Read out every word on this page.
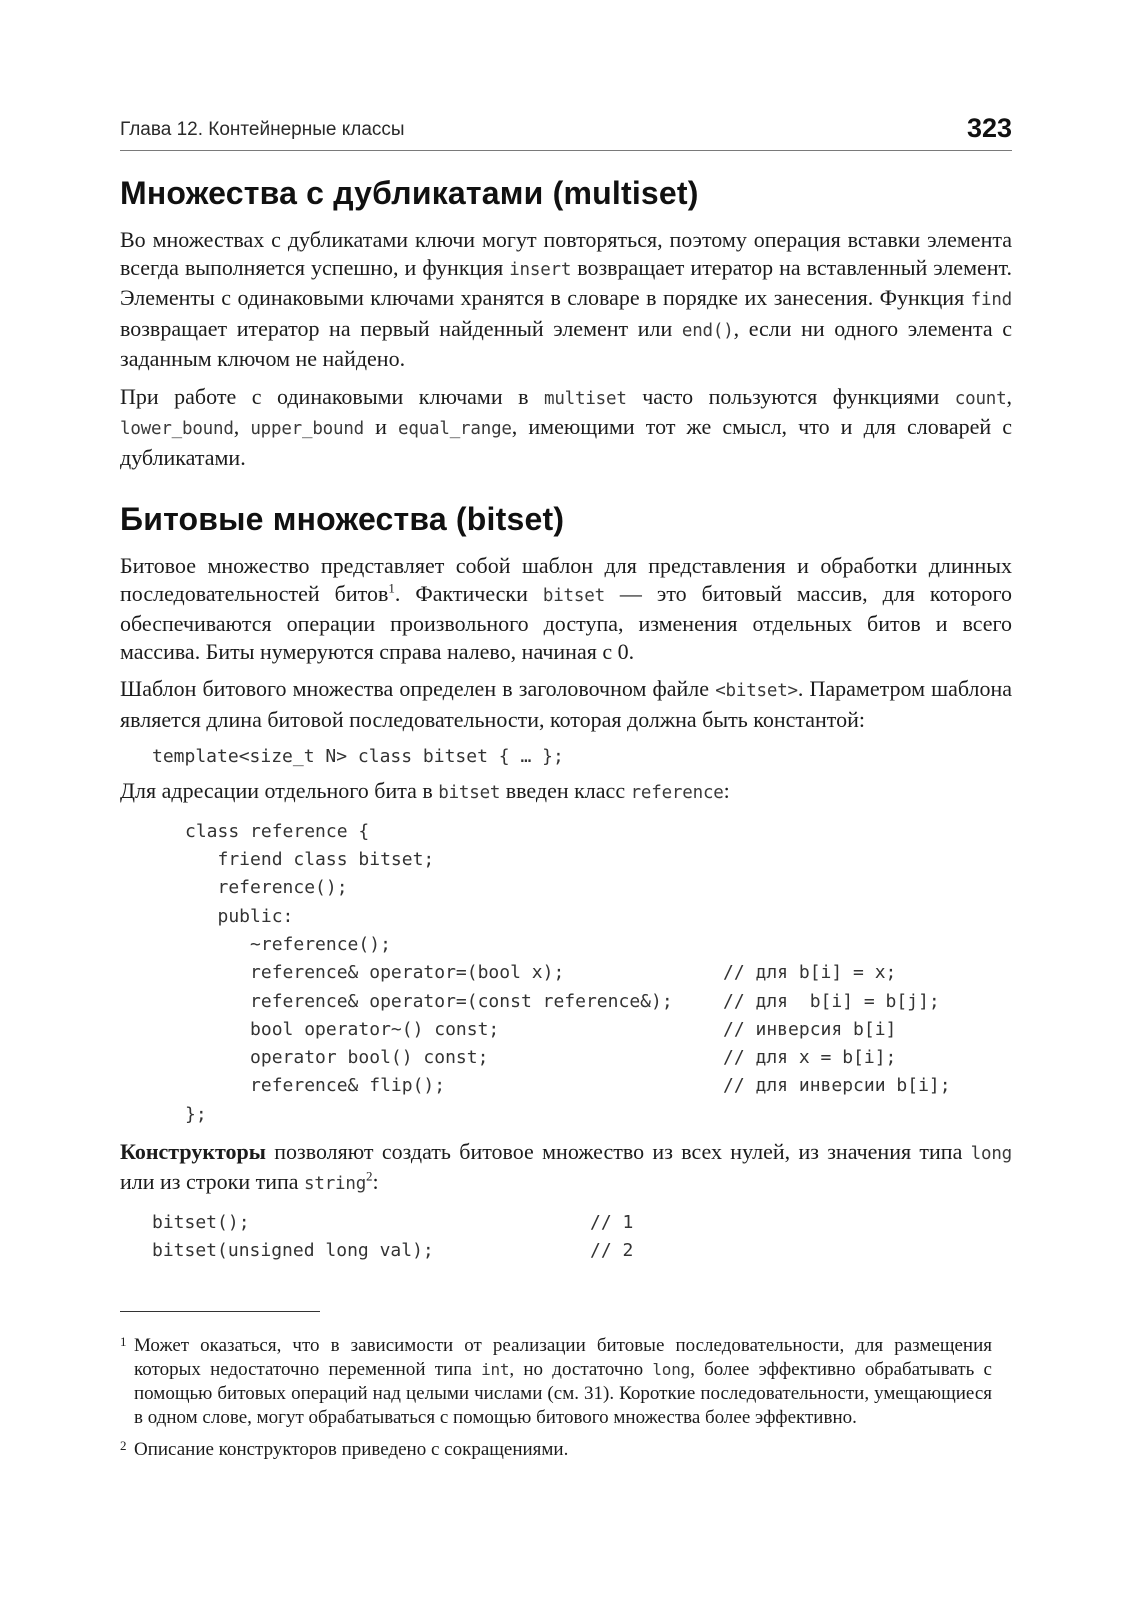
Глава 12. Контейнерные классы	323
Множества с дубликатами (multiset)

Во множествах с дубликатами ключи могут повторяться, поэтому операция вставки элемента всегда выполняется успешно, и функция insert возвращает итератор на вставленный элемент. Элементы с одинаковыми ключами хранятся в словаре в порядке их занесения. Функция find возвращает итератор на первый найденный элемент или end(), если ни одного элемента с заданным ключом не найдено.

При работе с одинаковыми ключами в multiset часто пользуются функциями count, lower_bound, upper_bound и equal_range, имеющими тот же смысл, что и для словарей с дубликатами.

Битовые множества (bitset)

Битовое множество представляет собой шаблон для представления и обработки длинных последовательностей битов$^1$. Фактически bitset — это битовый массив, для которого обеспечиваются операции произвольного доступа, изменения отдельных битов и всего массива. Биты нумеруются справа налево, начиная с 0.

Шаблон битового множества определен в заголовочном файле <bitset>. Параметром шаблона является длина битовой последовательности, которая должна быть константой:

template<size_t N> class bitset { … };

Для адресации отдельного бита в bitset введен класс reference:

class reference {
friend class bitset;
reference();
public:
~reference();
reference& operator=(bool x);	// для b[i] = x;
reference& operator=(const reference&);	// для  b[i] = b[j];
bool operator~() const;	// инверсия b[i]
operator bool() const;	// для x = b[i];
reference& flip();	// для инверсии b[i];
};

Конструкторы позволяют создать битовое множество из всех нулей, из значения типа long или из строки типа string$^2$:

bitset();	// 1
bitset(unsigned long val);	// 2

1 Может оказаться, что в зависимости от реализации битовые последовательности, для размещения которых недостаточно переменной типа int, но достаточно long, более эффективно обрабатывать с помощью битовых операций над целыми числами (см. 31). Короткие последовательности, умещающиеся в одном слове, могут обрабатываться с помощью битового множества более эффективно.

2 Описание конструкторов приведено с сокращениями.
